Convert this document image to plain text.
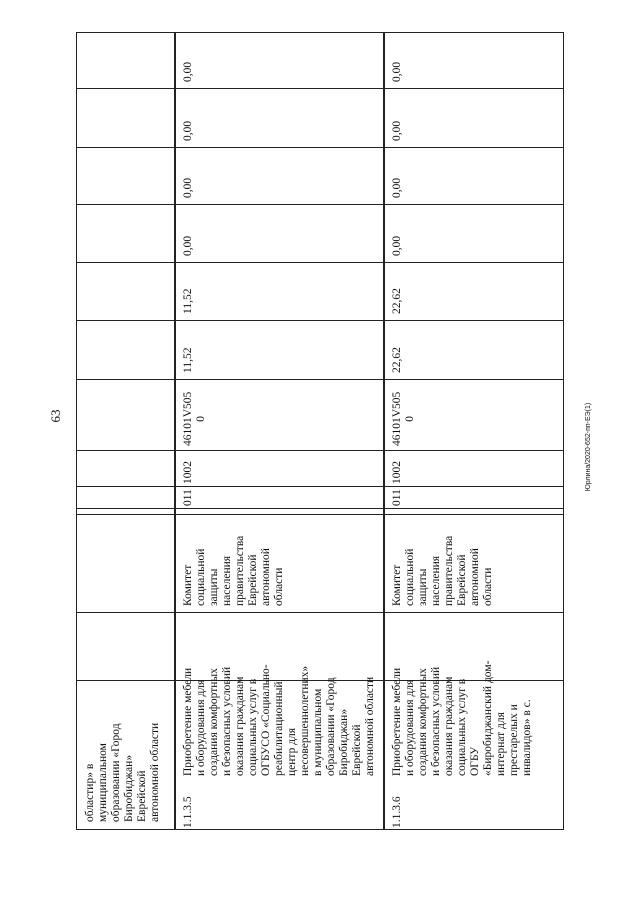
63	Юрлина/2020-652-пп-ЕЭ(1)
областиp» в
муниципальном
образовании «Город
Биробиджан»
Еврейской
автономной области
1.1.3.5
Приобретение мебели
и оборудования для
создания комфортных
и безопасных условий
оказания гражданам
социальных услуг в
ОГБУСО «Социально-
реабилитационный
центр для
несовершеннолетних»
в муниципальном
образовании «Город
Биробиджан»
Еврейской
автономной области
Комитет
социальной
защиты
населения
правительства
Еврейской
автономной
области
011
1002
46101V505
0
11,52
11,52
0,00
0,00
0,00
0,00
1.1.3.6
Приобретение мебели
и оборудования для
создания комфортных
и безопасных условий
оказания гражданам
социальных услуг в
ОГБУ
«Биробиджанский дом-
интернат для
престарелых и
инвалидов» в с.
Комитет
социальной
защиты
населения
правительства
Еврейской
автономной
области
011
1002
46101V505
0
22,62
22,62
0,00
0,00
0,00
0,00
